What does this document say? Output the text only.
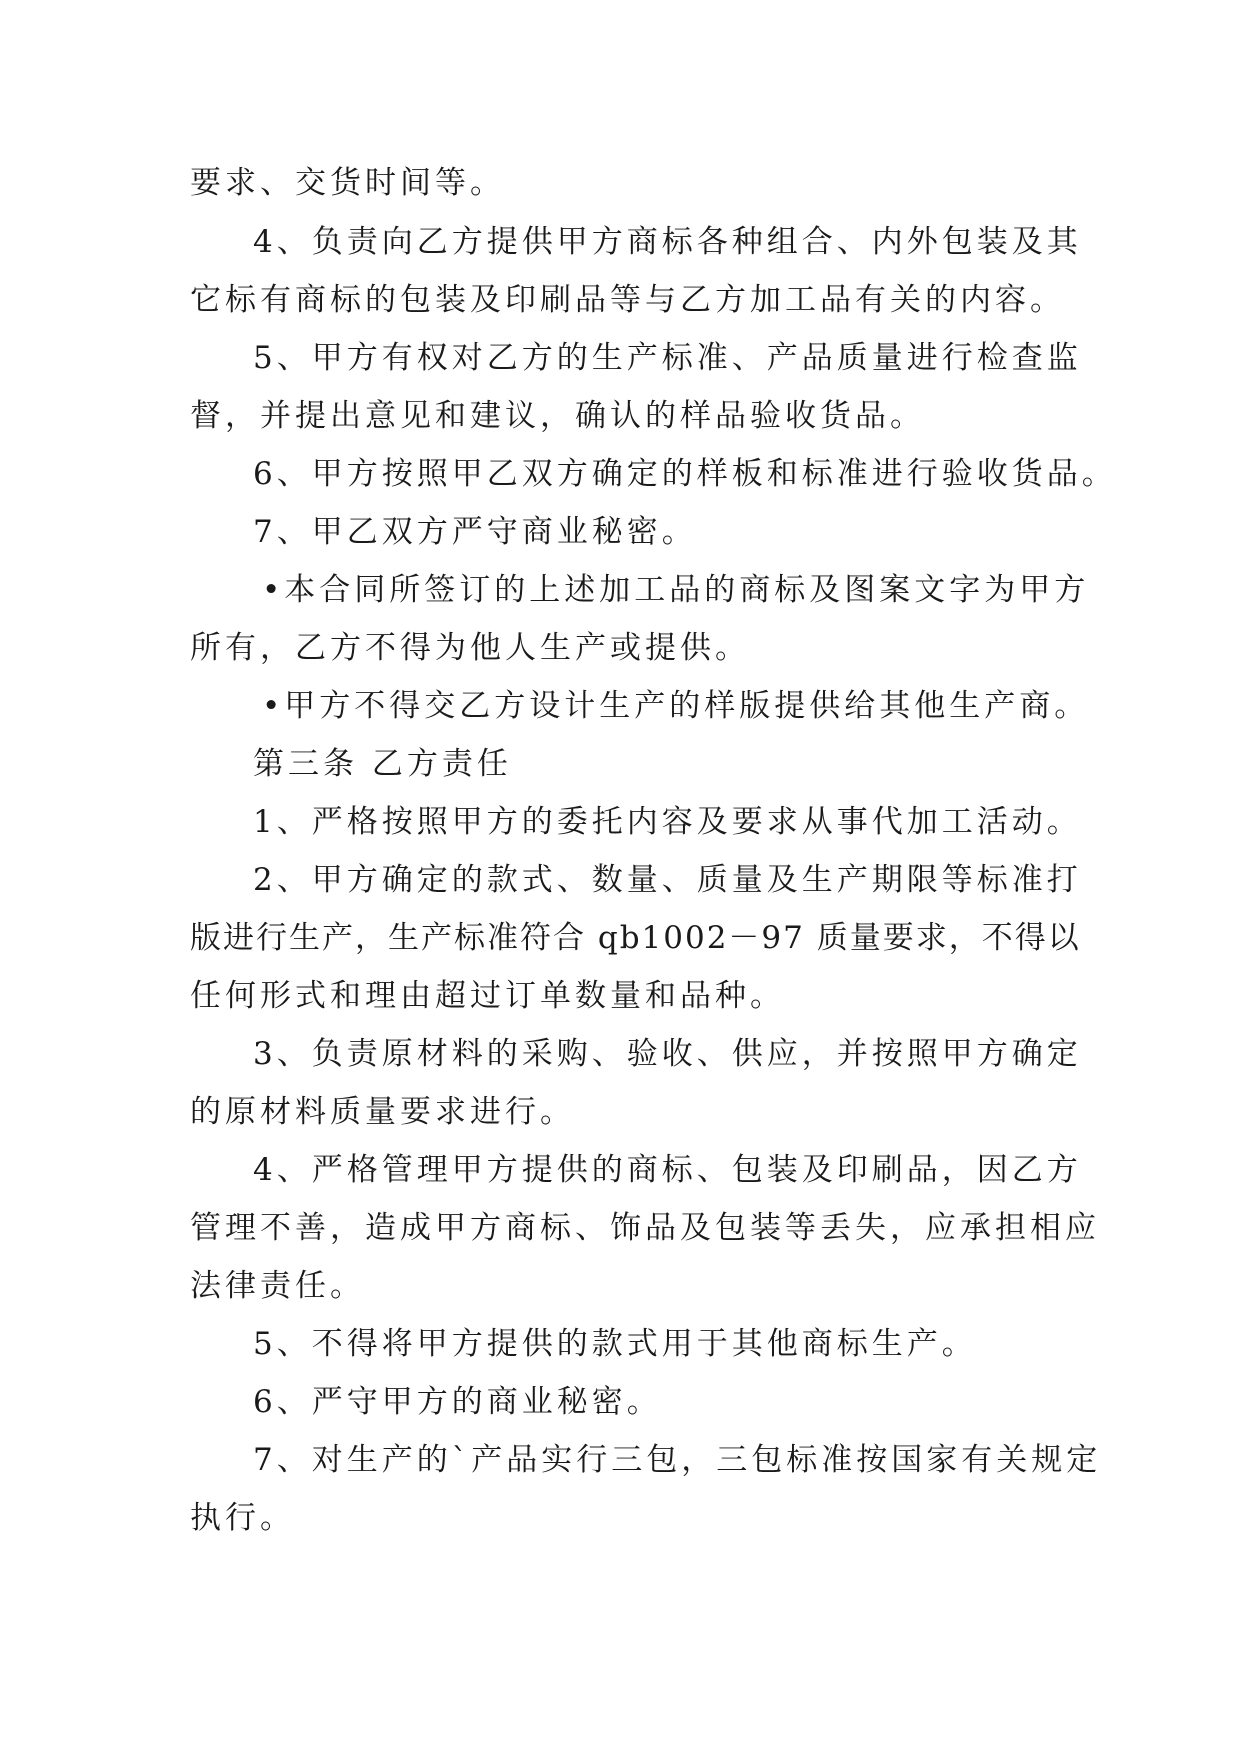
要求、交货时间等。

4、负责向乙方提供甲方商标各种组合、内外包装及其

它标有商标的包装及印刷品等与乙方加工品有关的内容。

5、甲方有权对乙方的生产标准、产品质量进行检查监

督，并提出意见和建议，确认的样品验收货品。

6、甲方按照甲乙双方确定的样板和标准进行验收货品。

7、甲乙双方严守商业秘密。

•本合同所签订的上述加工品的商标及图案文字为甲方

所有，乙方不得为他人生产或提供。

•甲方不得交乙方设计生产的样版提供给其他生产商。

第三条 乙方责任

1、严格按照甲方的委托内容及要求从事代加工活动。

2、甲方确定的款式、数量、质量及生产期限等标准打

版进行生产，生产标准符合 qb1002－97 质量要求，不得以

任何形式和理由超过订单数量和品种。

3、负责原材料的采购、验收、供应，并按照甲方确定

的原材料质量要求进行。

4、严格管理甲方提供的商标、包装及印刷品，因乙方

管理不善，造成甲方商标、饰品及包装等丢失，应承担相应

法律责任。

5、不得将甲方提供的款式用于其他商标生产。

6、严守甲方的商业秘密。

7、对生产的`产品实行三包，三包标准按国家有关规定

执行。
